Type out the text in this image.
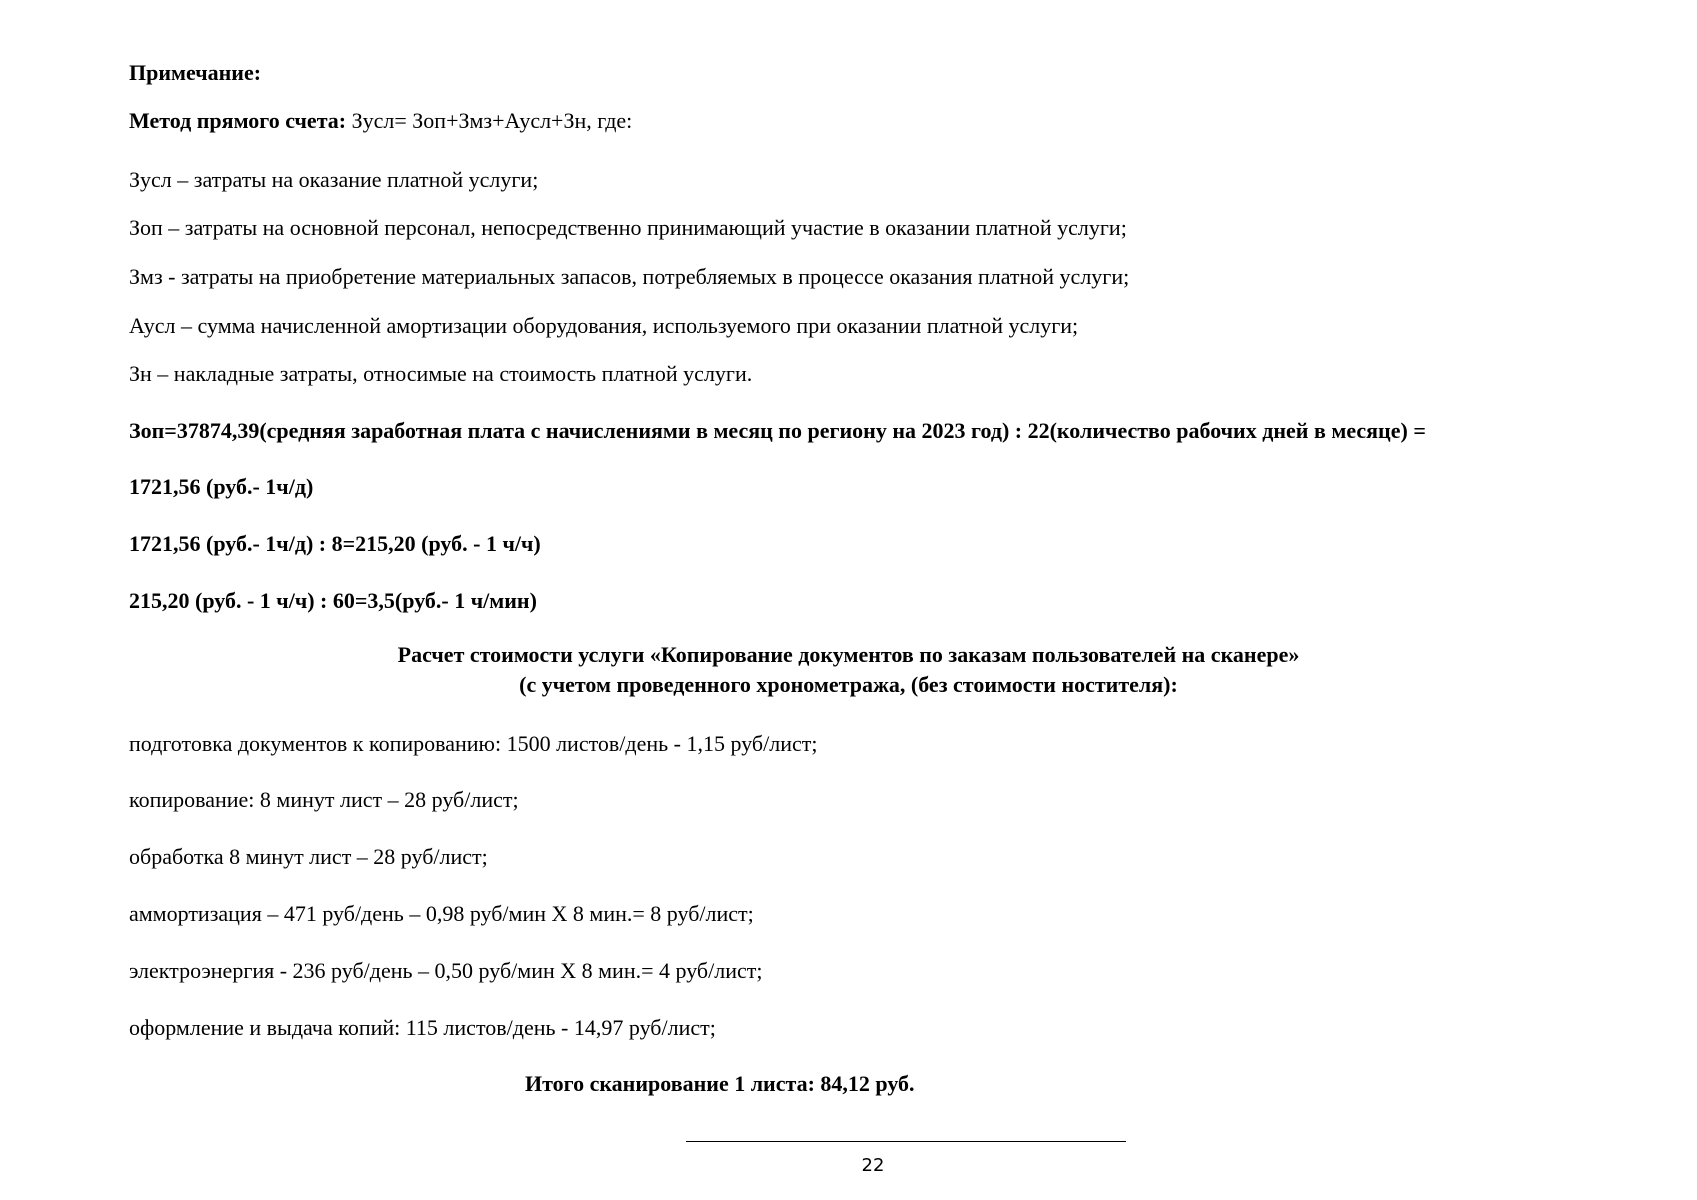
Примечание:
Метод прямого счета: Зусл= Зоп+Змз+Аусл+Зн, где:
Зусл – затраты на оказание платной услуги;
Зоп – затраты на основной персонал, непосредственно принимающий участие в оказании платной услуги;
Змз - затраты на приобретение материальных запасов, потребляемых в процессе оказания платной услуги;
Аусл – сумма начисленной амортизации оборудования, используемого при оказании платной услуги;
Зн – накладные затраты, относимые на стоимость платной услуги.
Зоп=37874,39(средняя заработная плата с начислениями в месяц по региону на 2023 год) : 22(количество рабочих дней в месяце) =
1721,56 (руб.- 1ч/д)
1721,56 (руб.- 1ч/д) : 8=215,20 (руб. - 1 ч/ч)
215,20 (руб. - 1 ч/ч) : 60=3,5(руб.- 1 ч/мин)
Расчет стоимости услуги «Копирование документов по заказам пользователей на сканере»
(с учетом проведенного хронометража, (без стоимости ноcтителя):
подготовка документов к копированию: 1500 листов/день - 1,15 руб/лист;
копирование: 8 минут лист – 28 руб/лист;
обработка 8 минут лист – 28 руб/лист;
аммортизация – 471 руб/день – 0,98 руб/мин Х 8 мин.= 8 руб/лист;
электроэнергия - 236 руб/день – 0,50 руб/мин Х 8 мин.= 4 руб/лист;
оформление и выдача копий: 115 листов/день - 14,97 руб/лист;
Итого сканирование 1 листа: 84,12 руб.
22
